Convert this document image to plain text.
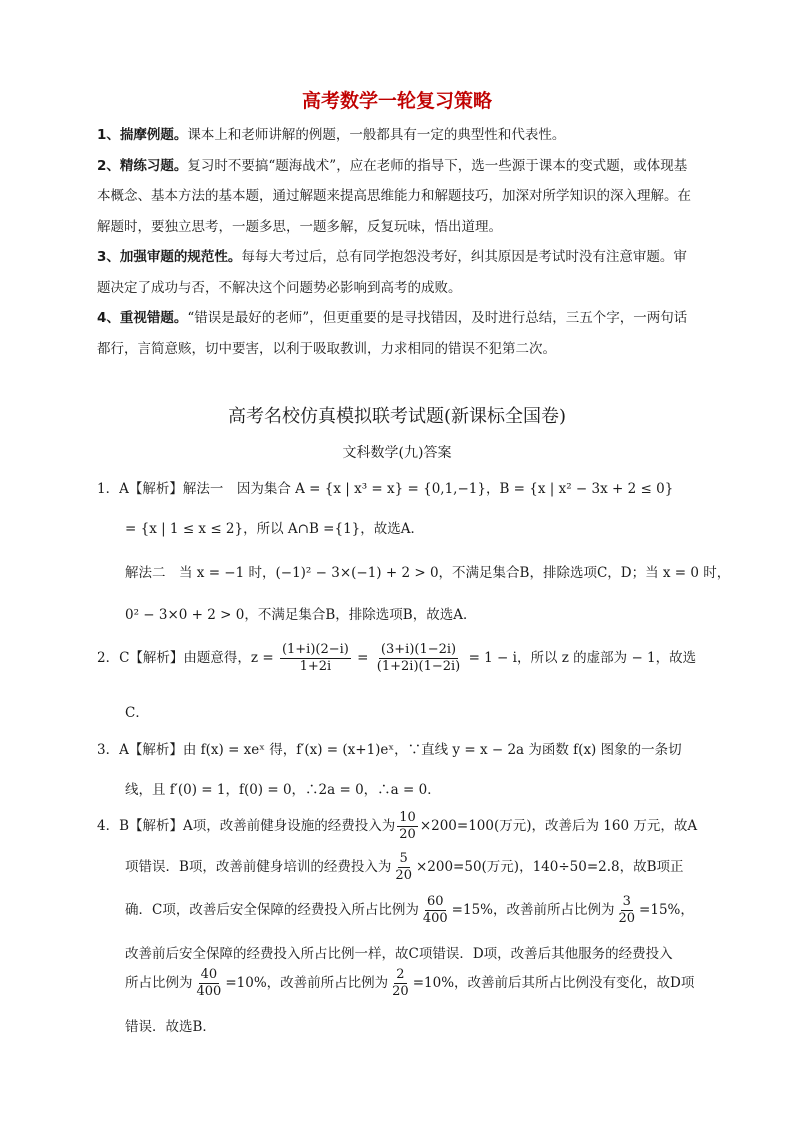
高考数学一轮复习策略

1、揣摩例题。课本上和老师讲解的例题，一般都具有一定的典型性和代表性。

2、精练习题。复习时不要搞“题海战术”，应在老师的指导下，选一些源于课本的变式题，或体现基本概念、基本方法的基本题，通过解题来提高思维能力和解题技巧，加深对所学知识的深入理解。在解题时，要独立思考，一题多思，一题多解，反复玩味，悟出道理。

3、加强审题的规范性。每每大考过后，总有同学抱怨没考好，纠其原因是考试时没有注意审题。审题决定了成功与否，不解决这个问题势必影响到高考的成败。

4、重视错题。“错误是最好的老师”，但更重要的是寻找错因，及时进行总结，三五个字，一两句话都行，言简意赅，切中要害，以利于吸取教训，力求相同的错误不犯第二次。

高考名校仿真模拟联考试题(新课标全国卷)
文科数学(九)答案
1．A【解析】解法一　因为集合 A = {x | x³ = x} = {0,1,−1}，B = {x | x² − 3x + 2 ≤ 0}
= {x | 1 ≤ x ≤ 2}，所以 A∩B ={1}，故选A．
解法二　当 x = −1 时，(−1)² − 3×(−1) + 2 > 0，不满足集合B，排除选项C，D；当 x = 0 时，
0² − 3×0 + 2 > 0，不满足集合B，排除选项B，故选A．
2．C【解析】由题意得，$z = \frac{(1+i)(2-i)}{1+2i} = \frac{(3+i)(1-2i)}{(1+2i)(1-2i)} = 1 - i$，所以 z 的虚部为 − 1，故选
C．
3．A【解析】由 f(x) = xeˣ 得，f′(x) = (x+1)eˣ，∵直线 y = x − 2a 为函数 f(x) 图象的一条切
线，且 f′(0) = 1，f(0) = 0，∴2a = 0，∴a = 0．
4．B【解析】A项，改善前健身设施的经费投入为 $\frac{10}{20} \times 200=100$(万元)，改善后为 160 万元，故A
项错误．B项，改善前健身培训的经费投入为 $\frac{5}{20} \times 200=50$(万元)，140÷50=2.8，故B项正
确．C项，改善后安全保障的经费投入所占比例为 $\frac{60}{400} =15\%$，改善前所占比例为 $\frac{3}{20} =15\%$，
改善前后安全保障的经费投入所占比例一样，故C项错误．D项，改善后其他服务的经费投入
所占比例为 $\frac{40}{400} =10\%$，改善前所占比例为 $\frac{2}{20} =10\%$，改善前后其所占比例没有变化，故D项
错误．故选B．
